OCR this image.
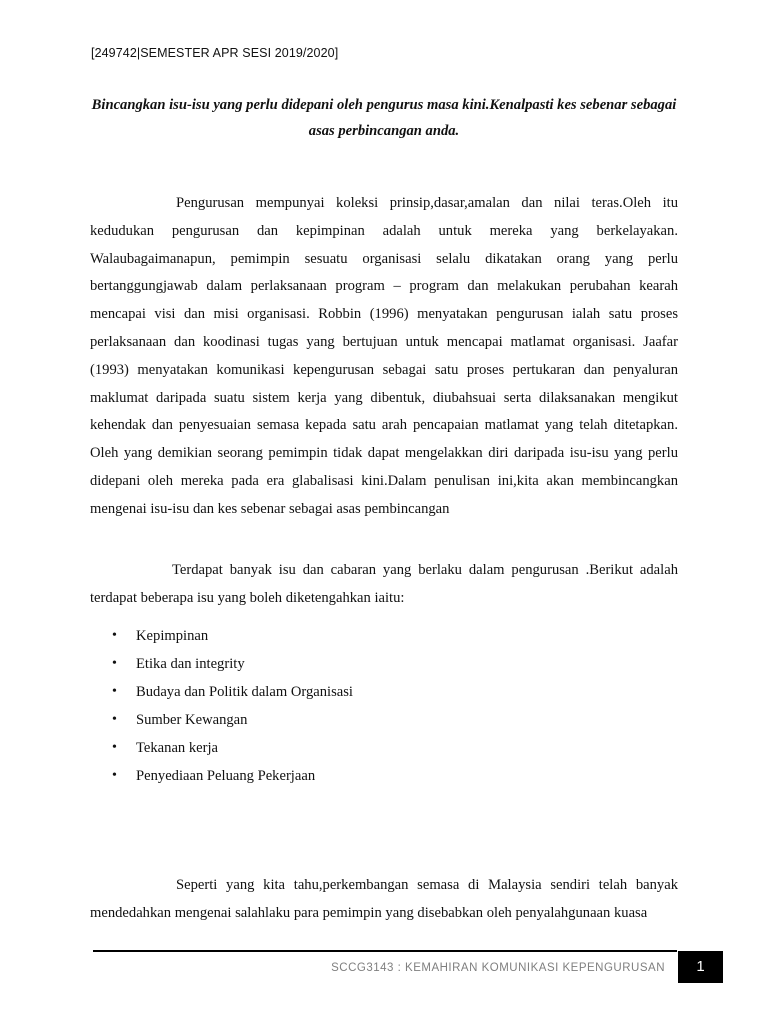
[249742|SEMESTER APR SESI 2019/2020]
Bincangkan isu-isu yang perlu didepani oleh pengurus masa kini.Kenalpasti kes sebenar sebagai asas perbincangan anda.

Pengurusan mempunyai koleksi prinsip,dasar,amalan dan nilai teras.Oleh itu kedudukan pengurusan dan kepimpinan adalah untuk mereka yang berkelayakan. Walaubagaimanapun, pemimpin sesuatu organisasi selalu dikatakan orang yang perlu bertanggungjawab dalam perlaksanaan program – program dan melakukan perubahan kearah mencapai visi dan misi organisasi. Robbin (1996) menyatakan pengurusan ialah satu proses perlaksanaan dan koodinasi tugas yang bertujuan untuk mencapai matlamat organisasi. Jaafar (1993) menyatakan komunikasi kepengurusan sebagai satu proses pertukaran dan penyaluran maklumat daripada suatu sistem kerja yang dibentuk, diubahsuai serta dilaksanakan mengikut kehendak dan penyesuaian semasa kepada satu arah pencapaian matlamat yang telah ditetapkan. Oleh yang demikian seorang pemimpin tidak dapat mengelakkan diri daripada isu-isu yang perlu didepani oleh mereka pada era glabalisasi kini.Dalam penulisan ini,kita akan membincangkan mengenai isu-isu dan kes sebenar sebagai asas pembincangan

Terdapat banyak isu dan cabaran yang berlaku dalam pengurusan .Berikut adalah terdapat beberapa isu yang boleh diketengahkan iaitu:

• Kepimpinan
• Etika dan integrity
• Budaya dan Politik dalam Organisasi
• Sumber Kewangan
• Tekanan kerja
• Penyediaan Peluang Pekerjaan

Seperti yang kita tahu,perkembangan semasa di Malaysia sendiri telah banyak mendedahkan mengenai salahlaku para pemimpin yang disebabkan oleh penyalahgunaan kuasa

SCCG3143 : KEMAHIRAN KOMUNIKASI KEPENGURUSAN	1
